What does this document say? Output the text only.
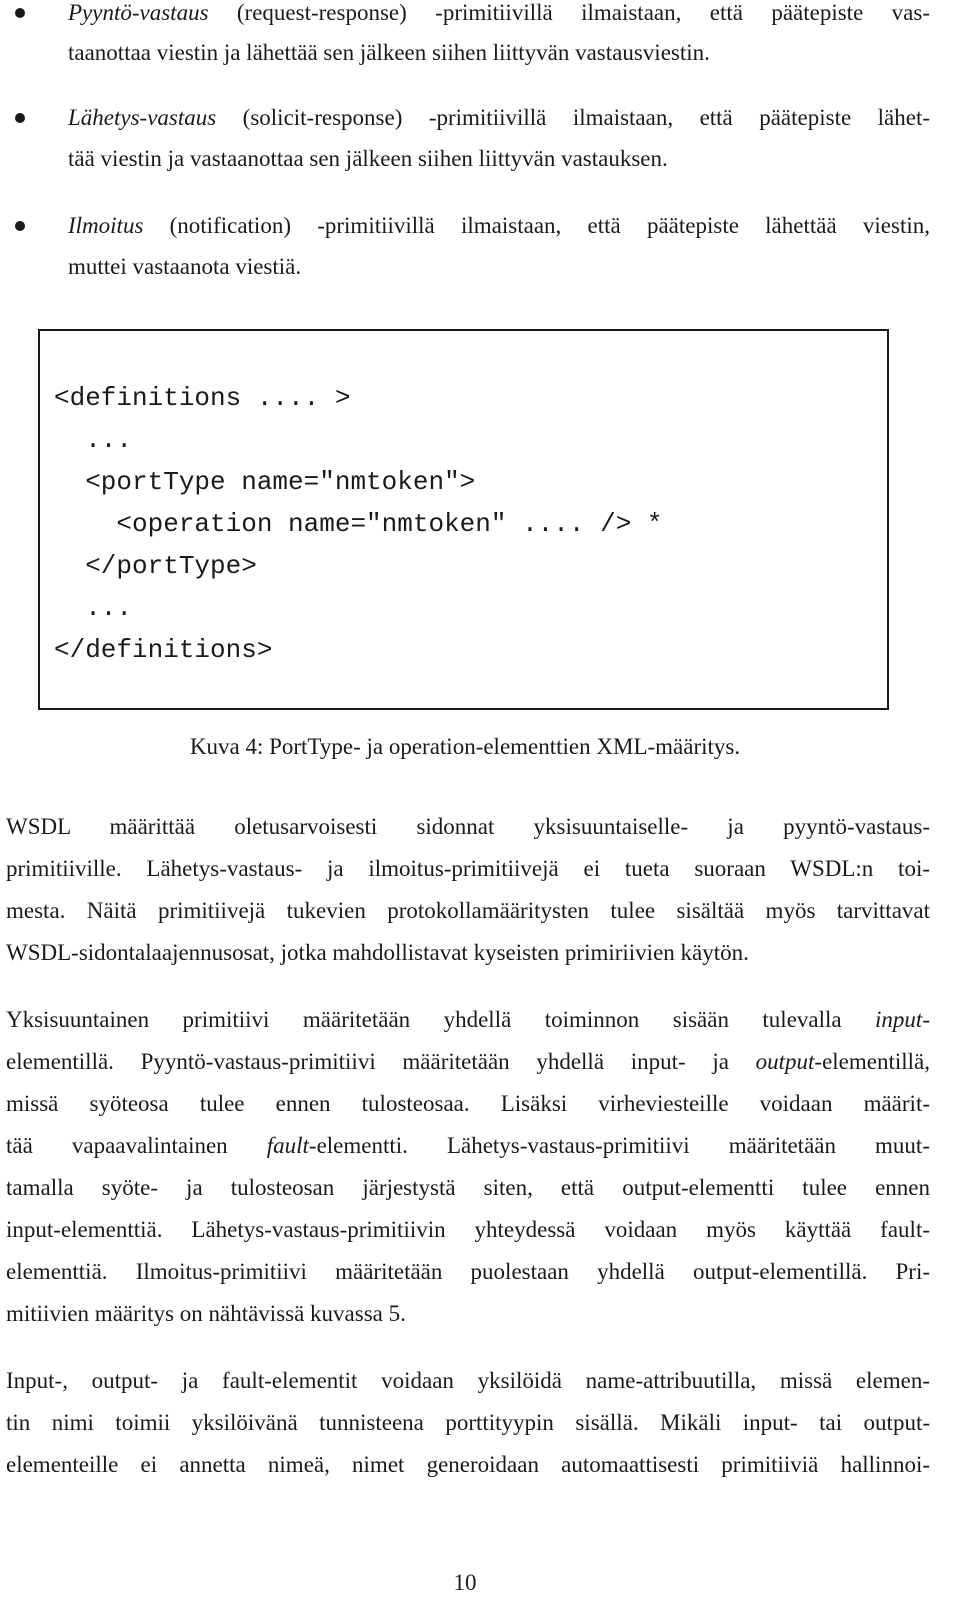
Pyyntö-vastaus (request-response) -primitiivillä ilmaistaan, että päätepiste vas-
taanottaa viestin ja lähettää sen jälkeen siihen liittyvän vastausviestin.
Lähetys-vastaus (solicit-response) -primitiivillä ilmaistaan, että päätepiste lähet-
tää viestin ja vastaanottaa sen jälkeen siihen liittyvän vastauksen.
Ilmoitus (notification) -primitiivillä ilmaistaan, että päätepiste lähettää viestin,
muttei vastaanota viestiä.
<definitions .... >
...
<portType name="nmtoken">
<operation name="nmtoken" .... /> *
</portType>
...
</definitions>
Kuva 4: PortType- ja operation-elementtien XML-määritys.
WSDL määrittää oletusarvoisesti sidonnat yksisuuntaiselle- ja pyyntö-vastaus-
primitiiville. Lähetys-vastaus- ja ilmoitus-primitiivejä ei tueta suoraan WSDL:n toi-
mesta. Näitä primitiivejä tukevien protokollamääritysten tulee sisältää myös tarvittavat
WSDL-sidontalaajennusosat, jotka mahdollistavat kyseisten primiriivien käytön.
Yksisuuntainen primitiivi määritetään yhdellä toiminnon sisään tulevalla input-
elementillä. Pyyntö-vastaus-primitiivi määritetään yhdellä input- ja output-elementillä,
missä syöteosa tulee ennen tulosteosaa. Lisäksi virheviesteille voidaan määrit-
tää vapaavalintainen fault-elementti. Lähetys-vastaus-primitiivi määritetään muut-
tamalla syöte- ja tulosteosan järjestystä siten, että output-elementti tulee ennen
input-elementtiä. Lähetys-vastaus-primitiivin yhteydessä voidaan myös käyttää fault-
elementtiä. Ilmoitus-primitiivi määritetään puolestaan yhdellä output-elementillä. Pri-
mitiivien määritys on nähtävissä kuvassa 5.
Input-, output- ja fault-elementit voidaan yksilöidä name-attribuutilla, missä elemen-
tin nimi toimii yksilöivänä tunnisteena porttityypin sisällä. Mikäli input- tai output-
elementeille ei annetta nimeä, nimet generoidaan automaattisesti primitiiviä hallinnoi-
10
